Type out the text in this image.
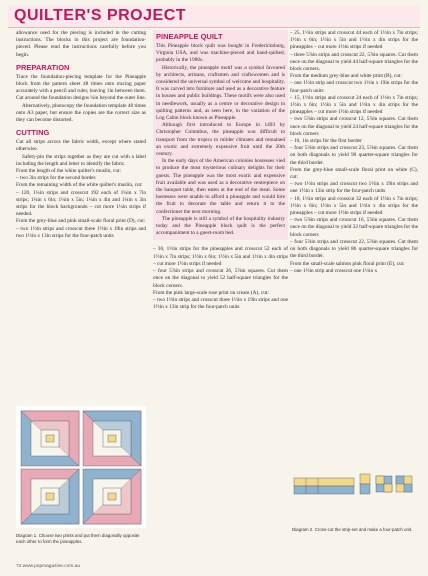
QUILTER'S PROJECT

allowance used for the piecing is included in the cutting instructions. The blocks in this project are foundation-pieced. Please read the instructions carefully before you begin.

PREPARATION

Trace the foundation-piecing template for the Pineapple block from the pattern sheet 48 times onto tracing paper accurately with a pencil and ruler, leaving 1in between them. Cut around the foundation designs ¼in beyond the outer line.

Alternatively, photocopy the foundation template 48 times onto A3 paper, but ensure the copies are the correct size as they can become distorted.

CUTTING

Cut all strips across the fabric width, except where stated otherwise.

Safety-pin the strips together as they are cut with a label including the length and letter to identify the fabric.

From the length of the white quilter's muslin, cut:

– two 3in strips for the second border.

From the remaining width of the white quilter's muslin, cut:

– 120, 1¼in strips and crosscut 192 each of 1¼in x 7in strips; 1¼in x 6in; 1¼in x 5in; 1¼in x 4in and 1¼in x 3in strips for the block backgrounds – cut more 1¼in strips if needed.

From the grey-blue and pink small-scale floral print (D), cut:

– two 1½in strips and crosscut three 1½in x 19in strips and two 1½in x 13in strips for the four-patch units

PINEAPPLE QUILT

This Pineapple block quilt was bought in Fredericksburg, Virginia USA, and was machine-pieced and hand-quilted, probably in the 1980s.

Historically, the pineapple motif was a symbol favoured by architects, artisans, craftsmen and craftswomen and is considered the universal symbol of welcome and hospitality. It was carved into furniture and used as a decorative feature in houses and public buildings. These motifs were also used in needlework, usually as a centre or decorative design in quilting patterns and, as seen here, in the variation of the Log Cabin block known as Pineapple.

Although first introduced to Europe in 1493 by Christopher Columbus, the pineapple was difficult to transport from the tropics to milder climates and remained an exotic and extremely expensive fruit until the 20th century.

In the early days of the American colonies hostesses vied to produce the most mysterious culinary delights for their guests. The pineapple was the most exotic and expensive fruit available and was used as a decorative centrepiece on the banquet table, then eaten at the end of the meal. Some hostesses were unable to afford a pineapple and would hire the fruit to decorate the table and return it to the confectioner the next morning.

The pineapple is still a symbol of the hospitality industry today and the Pineapple block quilt is the perfect accompaniment to a guest-room bed.

– 30, 1½in strips for the pineapples and crosscut 52 each of 1½in x 7in strips; 1½in x 6in; 1½in x 5in and 1½in x 4in strips – cut more 1½in strips if needed

– four 5⅞in strips and crosscut 26, 5⅞in squares. Cut them once on the diagonal to yield 52 half-square triangles for the block corners.

From the pink large-scale rose print on cream (A), cut:

– two 1½in strips and crosscut three 1½in x 19in strips and one 1½in x 13in strip for the four-patch units

– 25, 1½in strips and crosscut 44 each of 1½in x 7in strips; 1½in x 6in; 1½in x 5in and 1½in x 4in strips for the pineapples – cut more 1½in strips if needed

– three 5⅞in strips and crosscut 22, 5⅞in squares. Cut them once on the diagonal to yield 44 half-square triangles for the block corners.

From the medium grey-blue and white print (B), cut:

– one 1½in strip and crosscut two 1½in x 19in strips for the four-patch units

– 15, 1½in strips and crosscut 24 each of 1½in x 7in strips; 1½in x 6in; 1½in x 5in and 1½in x 4in strips for the pineapples – cut more 1½in strips if needed

– two 5⅞in strips and crosscut 12, 5⅞in squares. Cut them once on the diagonal to yield 24 half-square triangles for the block corners

– 10, 1in strips for the first border

– four 5⅞in strips and crosscut 23, 5⅞in squares. Cut them on both diagonals to yield 90 quarter-square triangles for the third border.

From the grey-blue small-scale floral print on white (C), cut:

– two 1½in strips and crosscut two 1½in x 19in strips and one 1½in x 13in strip for the four-patch units

– 18, 1½in strips and crosscut 32 each of 1½in x 7in strips; 1½in x 6in; 1½in x 5in and 1½in x 4in strips for the pineapples – cut more 1½in strips if needed

– two 5⅞in strips and crosscut 16, 5⅞in squares. Cut them once on the diagonal to yield 32 half-square triangles for the block corners

– four 5⅞in strips and crosscut 22, 5⅞in squares. Cut them on both diagonals to yield 86 quarter-square triangles for the third border.

From the small-scale salmon pink floral print (E), cut:

– one 1½in strip and crosscut one 1½in x

Diagram 1. Choose two prints and put them diagonally opposite each other to form the pineapples.
Diagram 2. Cross-cut the strip-set and make a four-patch unit.
72 www.popmagazine.com.au
